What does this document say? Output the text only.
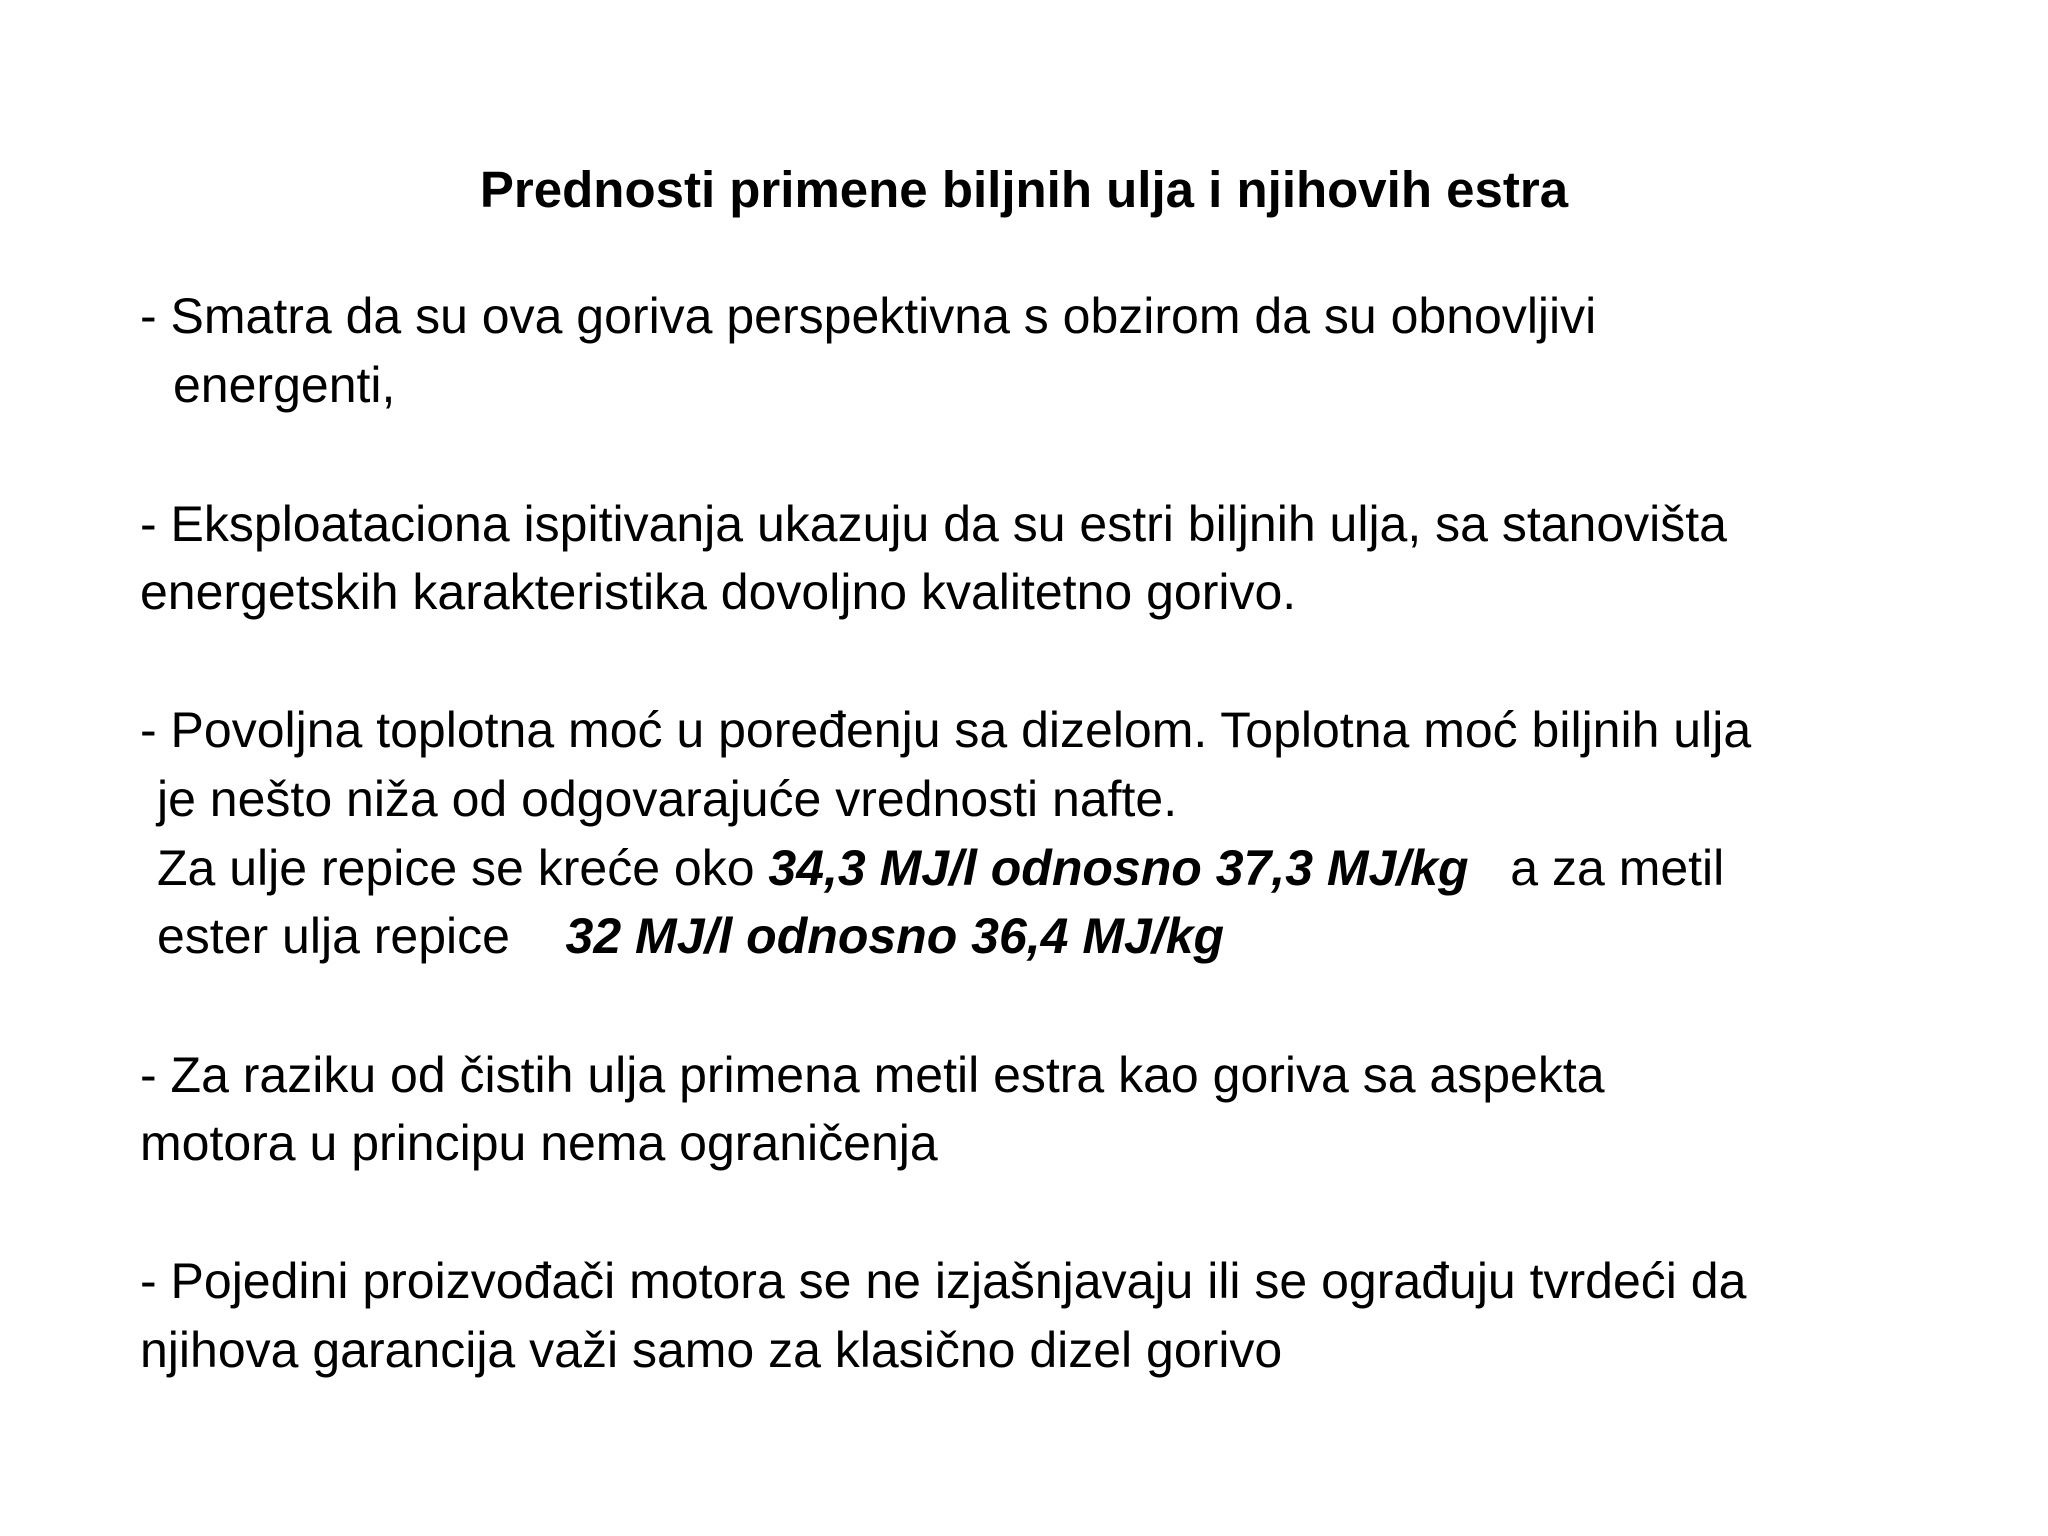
Prednosti primene biljnih ulja i njihovih estra
- Smatra da su ova goriva perspektivna s obzirom da su obnovljivi
energenti,
- Eksploataciona ispitivanja ukazuju da su estri biljnih ulja, sa stanovišta
energetskih karakteristika dovoljno kvalitetno gorivo.
- Povoljna toplotna moć u poređenju sa dizelom. Toplotna moć biljnih ulja
je nešto niža od odgovarajuće vrednosti nafte.
Za ulje repice se kreće oko 34,3 MJ/l odnosno 37,3 MJ/kg a za metil
ester ulja repice 32 MJ/l odnosno 36,4 MJ/kg
- Za raziku od čistih ulja primena metil estra kao goriva sa aspekta
motora u principu nema ograničenja
- Pojedini proizvođači motora se ne izjašnjavaju ili se ograđuju tvrdeći da
njihova garancija važi samo za klasično dizel gorivo
